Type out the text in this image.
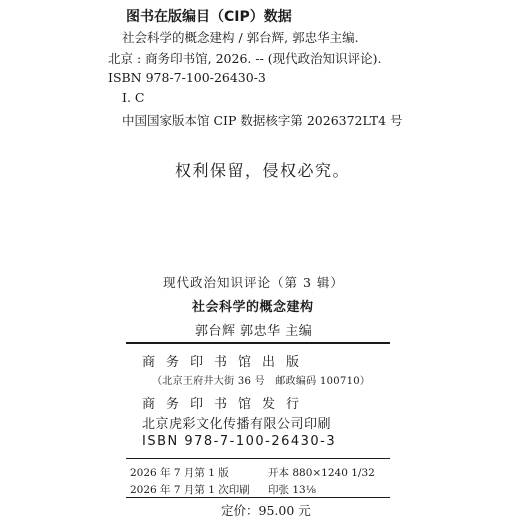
图书在版编目（CIP）数据
社会科学的概念建构 / 郭台辉, 郭忠华主编.
北京 : 商务印书馆, 2026. -- (现代政治知识评论).
ISBN 978-7-100-26430-3
I. C
中国国家版本馆 CIP 数据核字第 2026372LT4 号
权利保留，侵权必究。
现代政治知识评论（第 3 辑）
社会科学的概念建构
郭台辉 郭忠华 主编
商务印书馆出版
（北京王府井大街 36 号　邮政编码 100710）
商务印书馆发行
北京虎彩文化传播有限公司印刷
ISBN 978-7-100-26430-3
2026 年 7 月第 1 版
2026 年 7 月第 1 次印刷
开本 880×1240 1/32
印张 13⅛
定价：95.00 元
